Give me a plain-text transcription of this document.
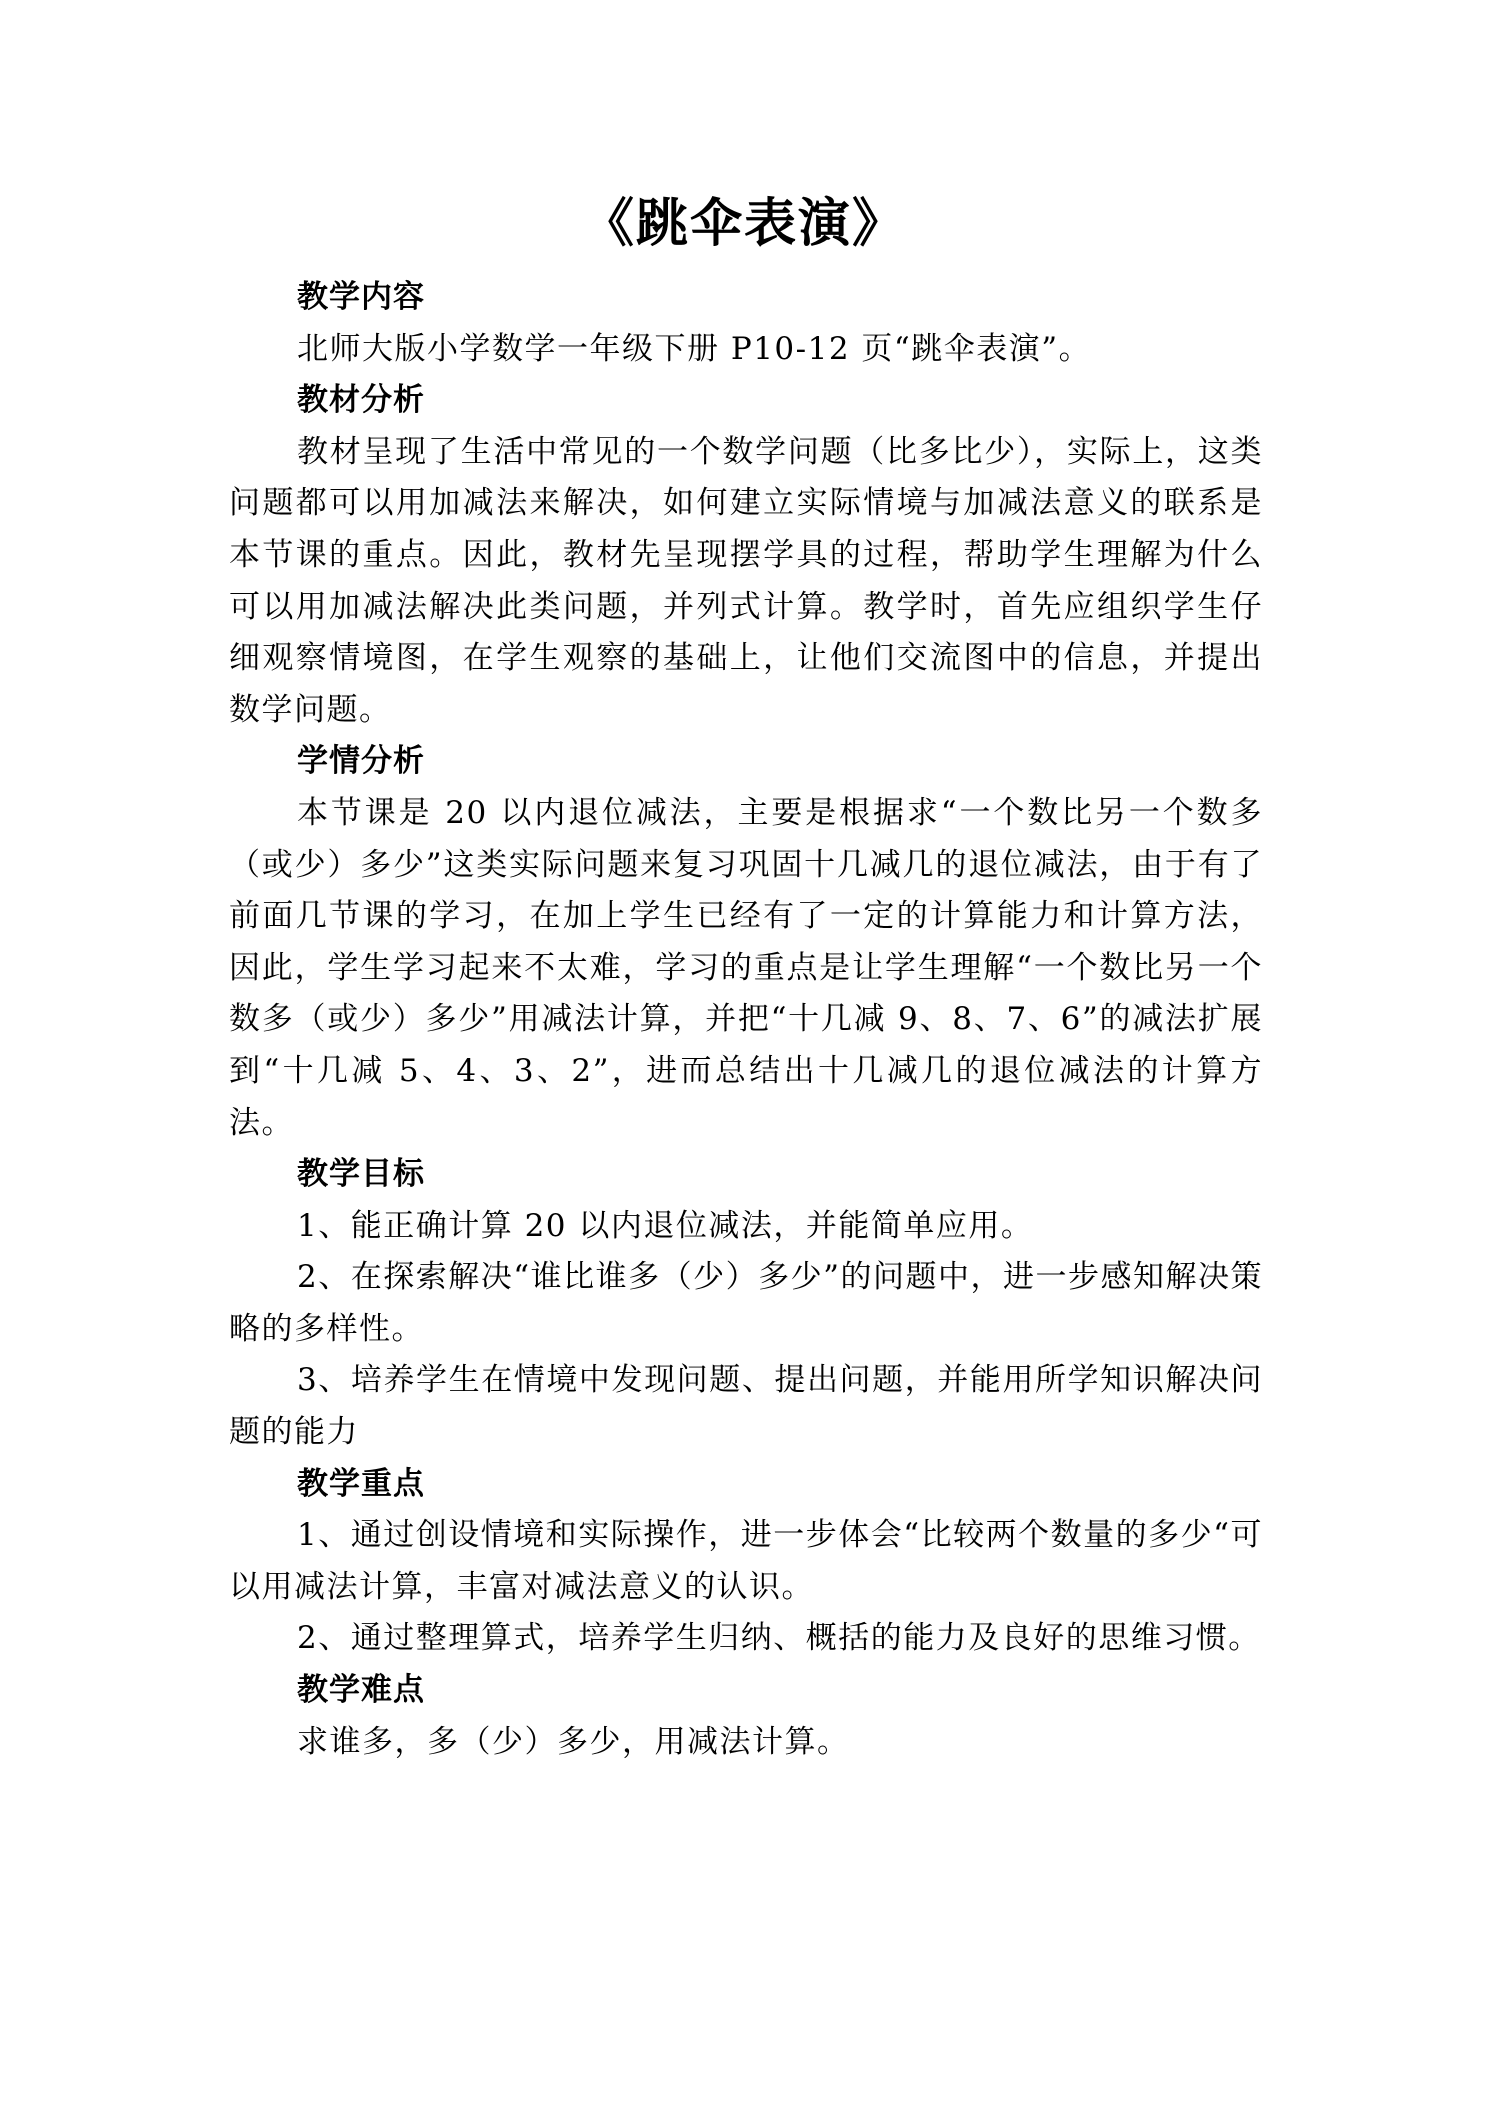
《跳伞表演》

教学内容

北师大版小学数学一年级下册 P10-12 页“跳伞表演”。

教材分析

教材呈现了生活中常见的一个数学问题（比多比少），实际上，这类问题都可以用加减法来解决，如何建立实际情境与加减法意义的联系是本节课的重点。因此，教材先呈现摆学具的过程，帮助学生理解为什么可以用加减法解决此类问题，并列式计算。教学时，首先应组织学生仔细观察情境图，在学生观察的基础上，让他们交流图中的信息，并提出数学问题。

学情分析

本节课是 20 以内退位减法，主要是根据求“一个数比另一个数多（或少）多少”这类实际问题来复习巩固十几减几的退位减法，由于有了前面几节课的学习，在加上学生已经有了一定的计算能力和计算方法，因此，学生学习起来不太难，学习的重点是让学生理解“一个数比另一个数多（或少）多少”用减法计算，并把“十几减 9、8、7、6”的减法扩展到“十几减 5、4、3、2”，进而总结出十几减几的退位减法的计算方法。

教学目标

1、能正确计算 20 以内退位减法，并能简单应用。

2、在探索解决“谁比谁多（少）多少”的问题中，进一步感知解决策略的多样性。

3、培养学生在情境中发现问题、提出问题，并能用所学知识解决问题的能力

教学重点

1、通过创设情境和实际操作，进一步体会“比较两个数量的多少“可以用减法计算，丰富对减法意义的认识。

2、通过整理算式，培养学生归纳、概括的能力及良好的思维习惯。

教学难点

求谁多，多（少）多少，用减法计算。
